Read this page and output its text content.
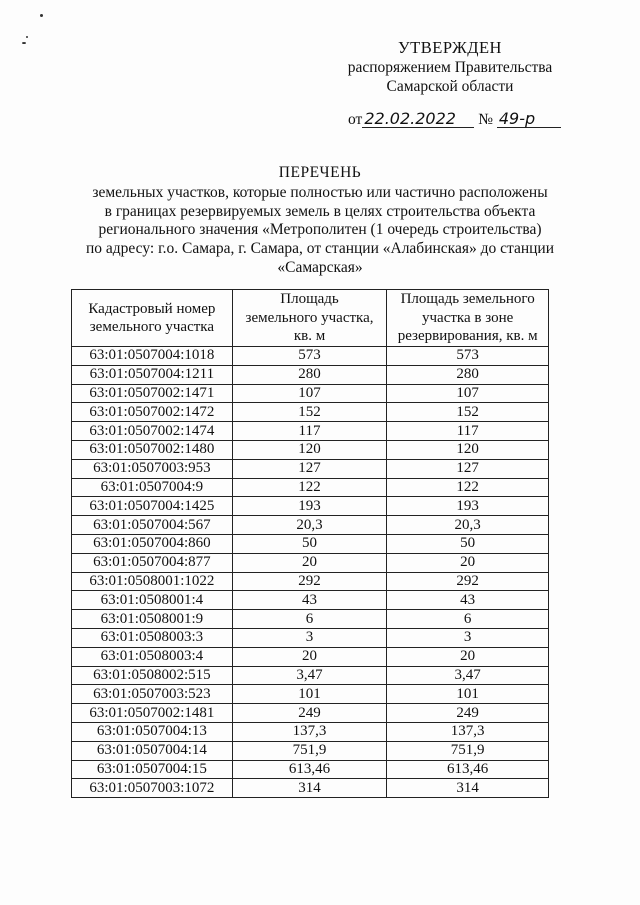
УТВЕРЖДЕН
распоряжением Правительства
Самарской области
от 22.02.2022 № 49-р
ПЕРЕЧЕНЬ
земельных участков, которые полностью или частично расположены
в границах резервируемых земель в целях строительства объекта
регионального значения «Метрополитен (1 очередь строительства)
по адресу: г.о. Самара, г. Самара, от станции «Алабинская» до станции
«Самарская»
Кадастровый номер земельного участка	Площадь земельного участка, кв. м	Площадь земельного участка в зоне резервирования, кв. м
63:01:0507004:1018	573	573
63:01:0507004:1211	280	280
63:01:0507002:1471	107	107
63:01:0507002:1472	152	152
63:01:0507002:1474	117	117
63:01:0507002:1480	120	120
63:01:0507003:953	127	127
63:01:0507004:9	122	122
63:01:0507004:1425	193	193
63:01:0507004:567	20,3	20,3
63:01:0507004:860	50	50
63:01:0507004:877	20	20
63:01:0508001:1022	292	292
63:01:0508001:4	43	43
63:01:0508001:9	6	6
63:01:0508003:3	3	3
63:01:0508003:4	20	20
63:01:0508002:515	3,47	3,47
63:01:0507003:523	101	101
63:01:0507002:1481	249	249
63:01:0507004:13	137,3	137,3
63:01:0507004:14	751,9	751,9
63:01:0507004:15	613,46	613,46
63:01:0507003:1072	314	314
